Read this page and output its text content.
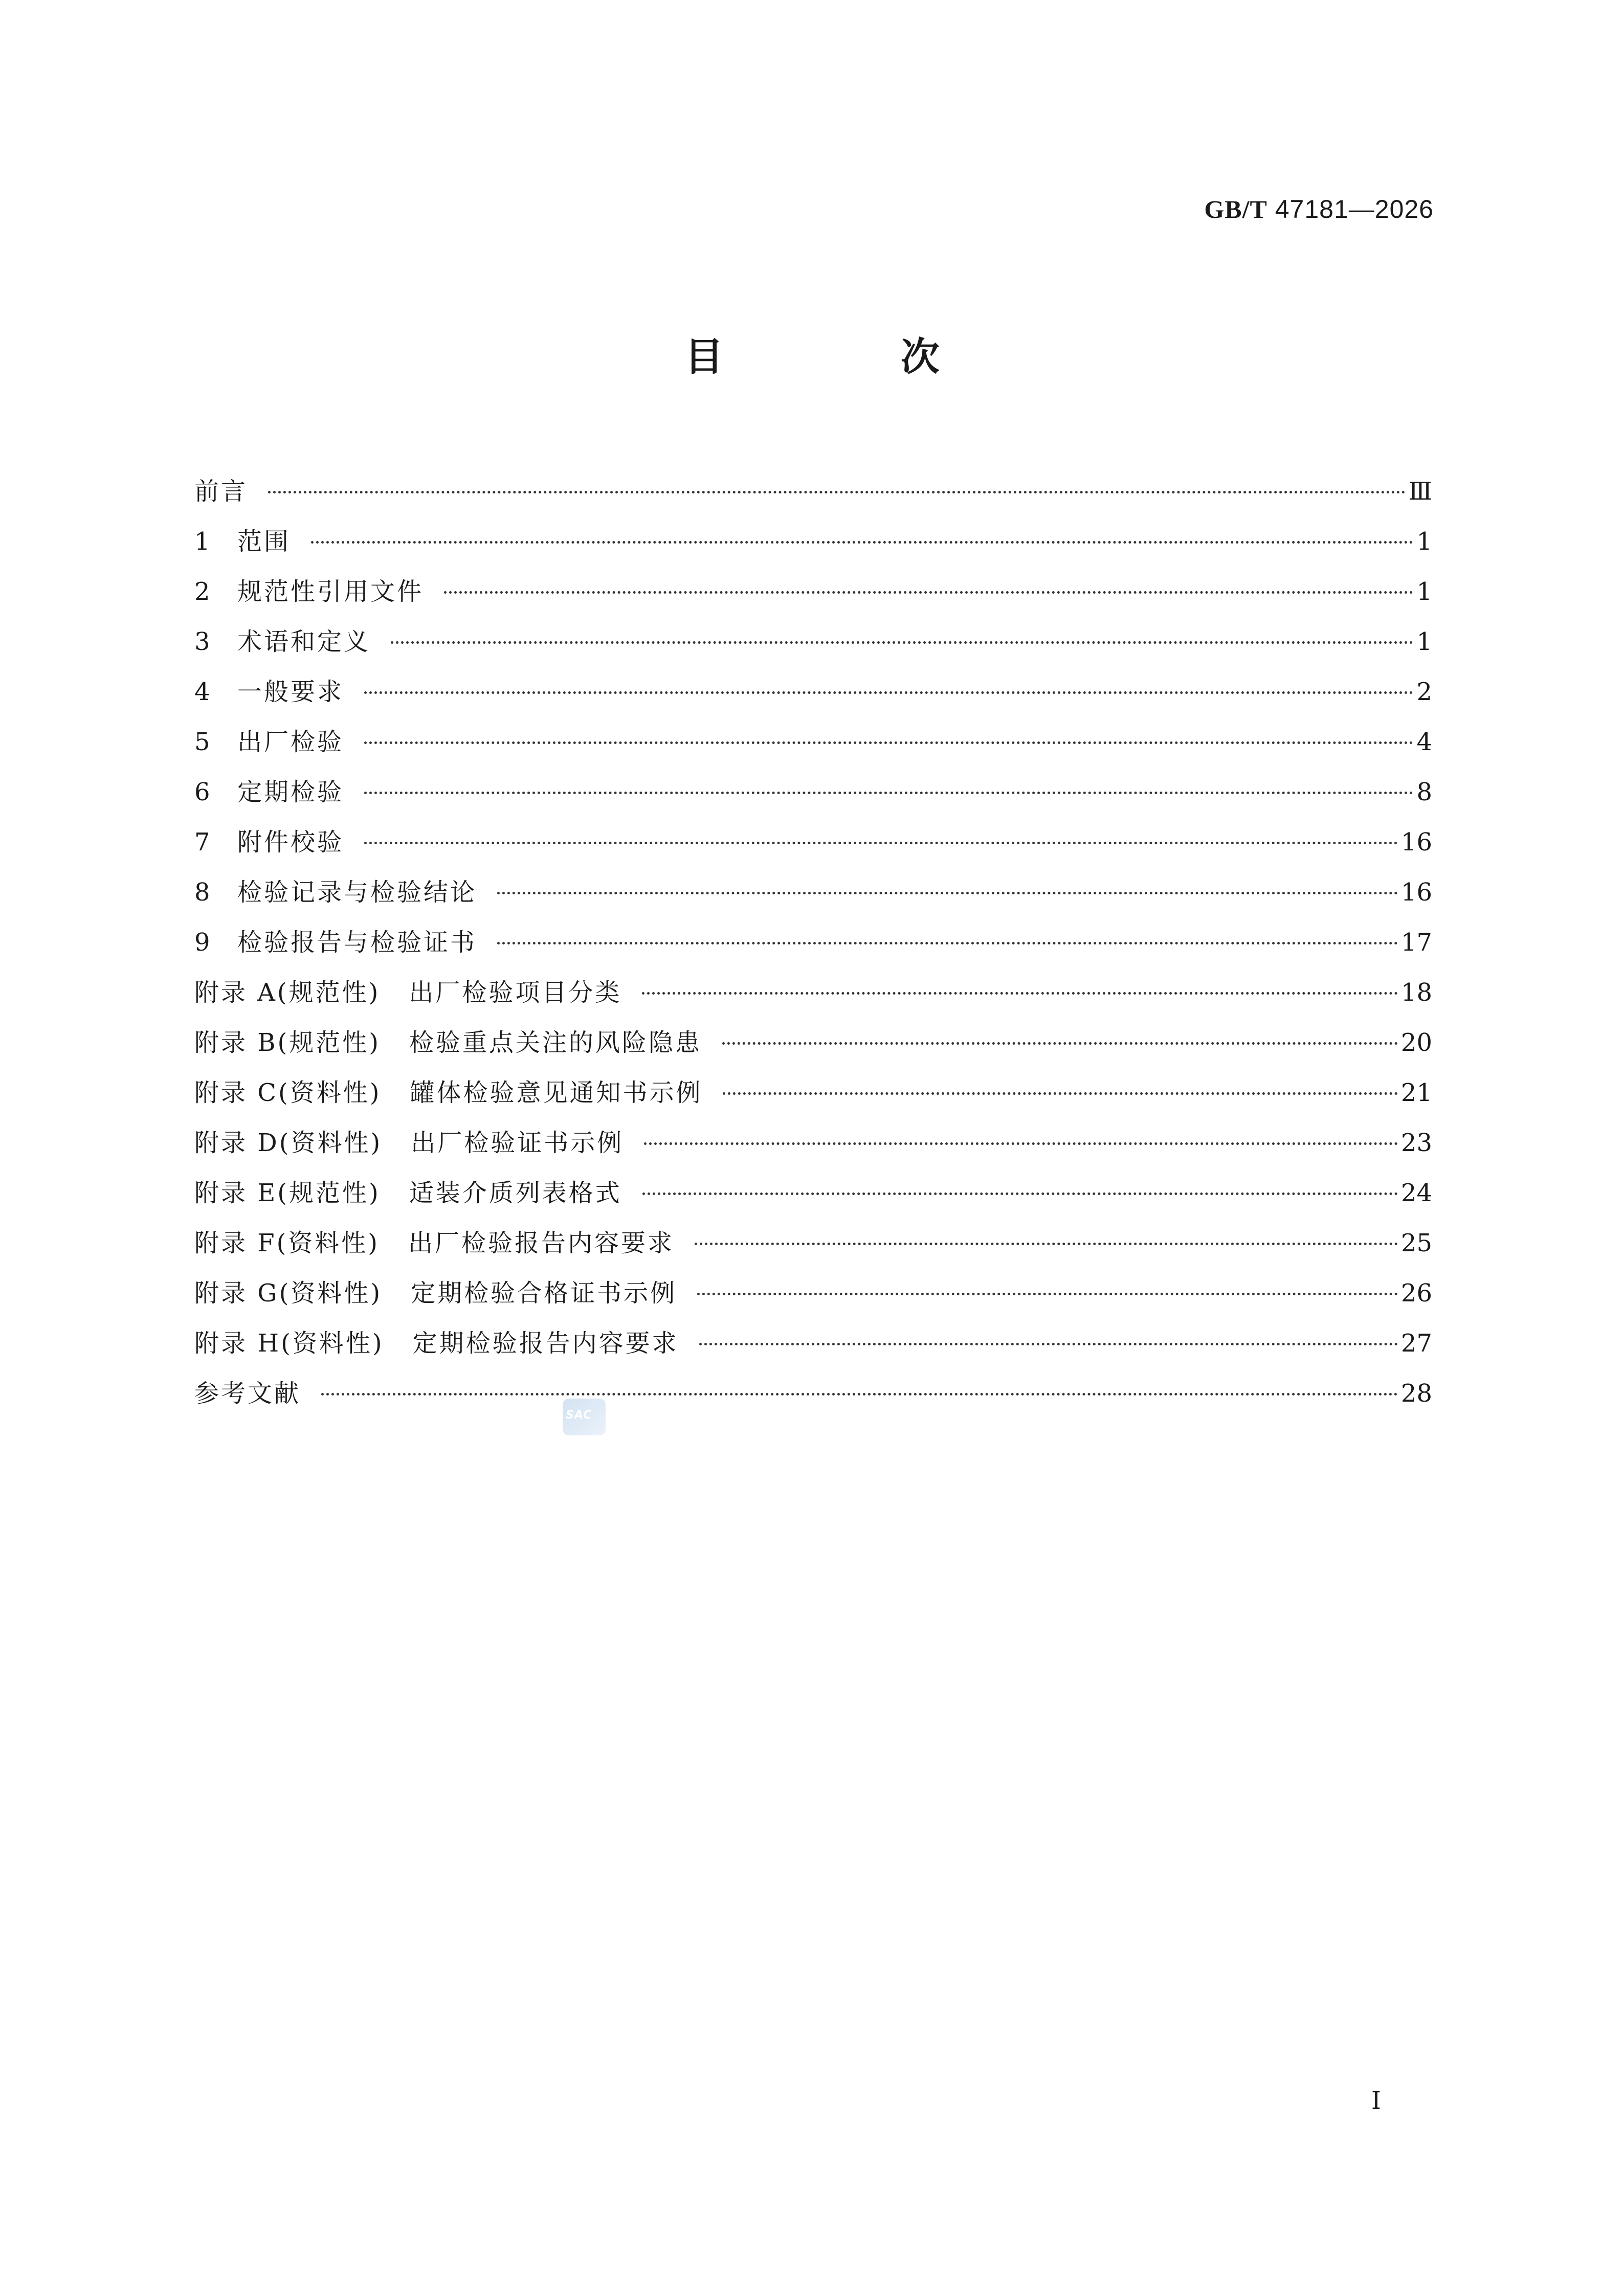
GB/T 47181—2026
目 次
前言	Ⅲ
1	范围	1
2	规范性引用文件	1
3	术语和定义	1
4	一般要求	2
5	出厂检验	4
6	定期检验	8
7	附件校验	16
8	检验记录与检验结论	16
9	检验报告与检验证书	17
附录 A(规范性) 出厂检验项目分类	18
附录 B(规范性) 检验重点关注的风险隐患	20
附录 C(资料性) 罐体检验意见通知书示例	21
附录 D(资料性) 出厂检验证书示例	23
附录 E(规范性) 适装介质列表格式	24
附录 F(资料性) 出厂检验报告内容要求	25
附录 G(资料性) 定期检验合格证书示例	26
附录 H(资料性) 定期检验报告内容要求	27
参考文献	28
SAC
Ⅰ
